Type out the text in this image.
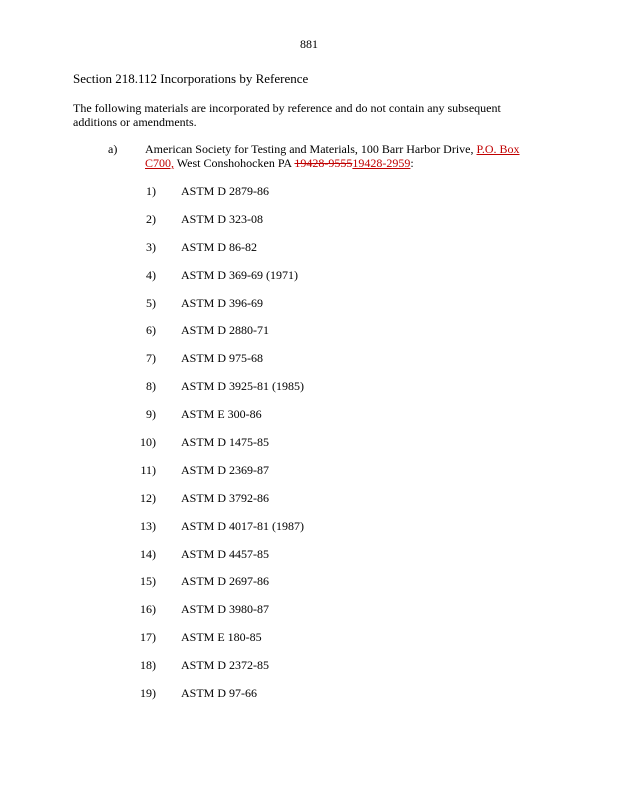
881
Section 218.112 Incorporations by Reference
The following materials are incorporated by reference and do not contain any subsequent additions or amendments.
a) American Society for Testing and Materials, 100 Barr Harbor Drive, P.O. Box C700, West Conshohocken PA 19428-955519428-2959:
1) ASTM D 2879-86
2) ASTM D 323-08
3) ASTM D 86-82
4) ASTM D 369-69 (1971)
5) ASTM D 396-69
6) ASTM D 2880-71
7) ASTM D 975-68
8) ASTM D 3925-81 (1985)
9) ASTM E 300-86
10) ASTM D 1475-85
11) ASTM D 2369-87
12) ASTM D 3792-86
13) ASTM D 4017-81 (1987)
14) ASTM D 4457-85
15) ASTM D 2697-86
16) ASTM D 3980-87
17) ASTM E 180-85
18) ASTM D 2372-85
19) ASTM D 97-66
